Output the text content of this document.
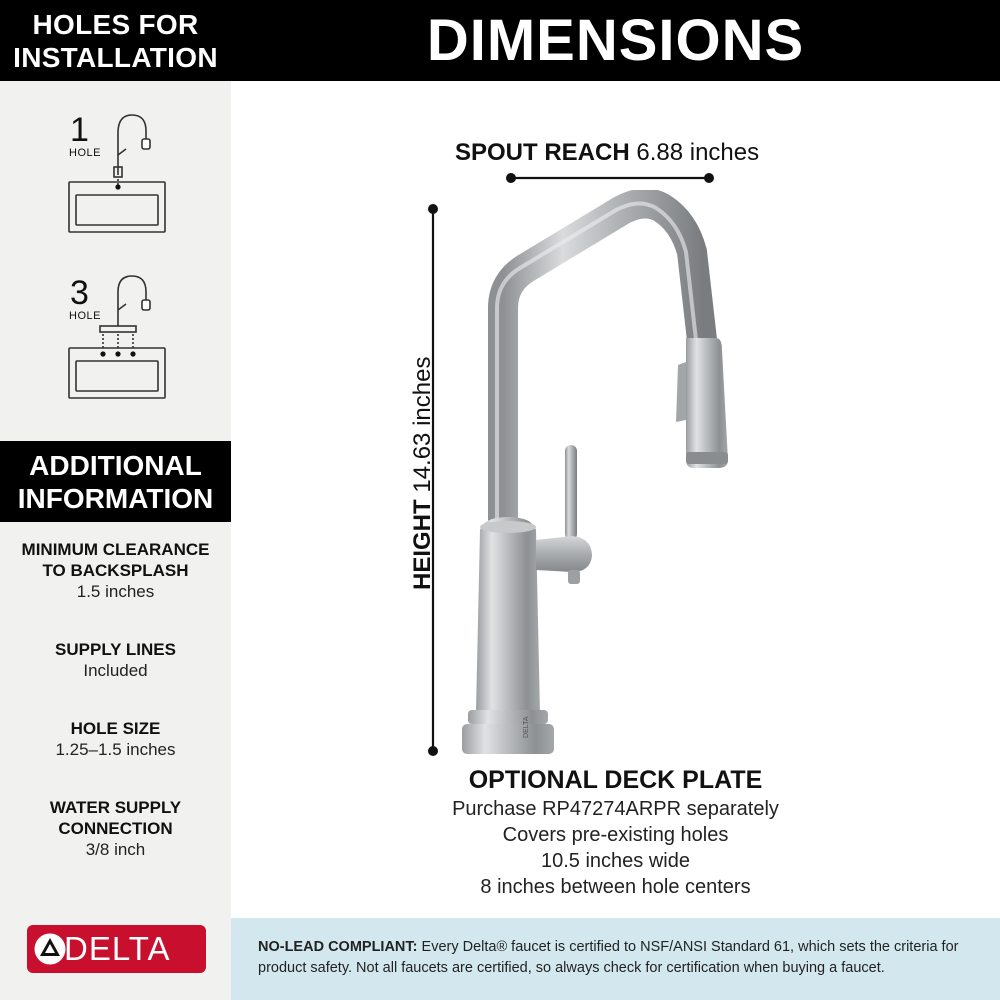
HOLES FOR
INSTALLATION	DIMENSIONS
1
HOLE
3
HOLE
ADDITIONAL
INFORMATION
MINIMUM CLEARANCE
TO BACKSPLASH
1.5 inches
SUPPLY LINES
Included
HOLE SIZE
1.25–1.5 inches
WATER SUPPLY
CONNECTION
3/8 inch
DELTA
SPOUT REACH 6.88 inches
HEIGHT 14.63 inches
DELTA
OPTIONAL DECK PLATE
Purchase RP47274ARPR separately
Covers pre-existing holes
10.5 inches wide
8 inches between hole centers
NO-LEAD COMPLIANT: Every Delta® faucet is certified to NSF/ANSI Standard 61, which sets the criteria for product safety. Not all faucets are certified, so always check for certification when buying a faucet.
